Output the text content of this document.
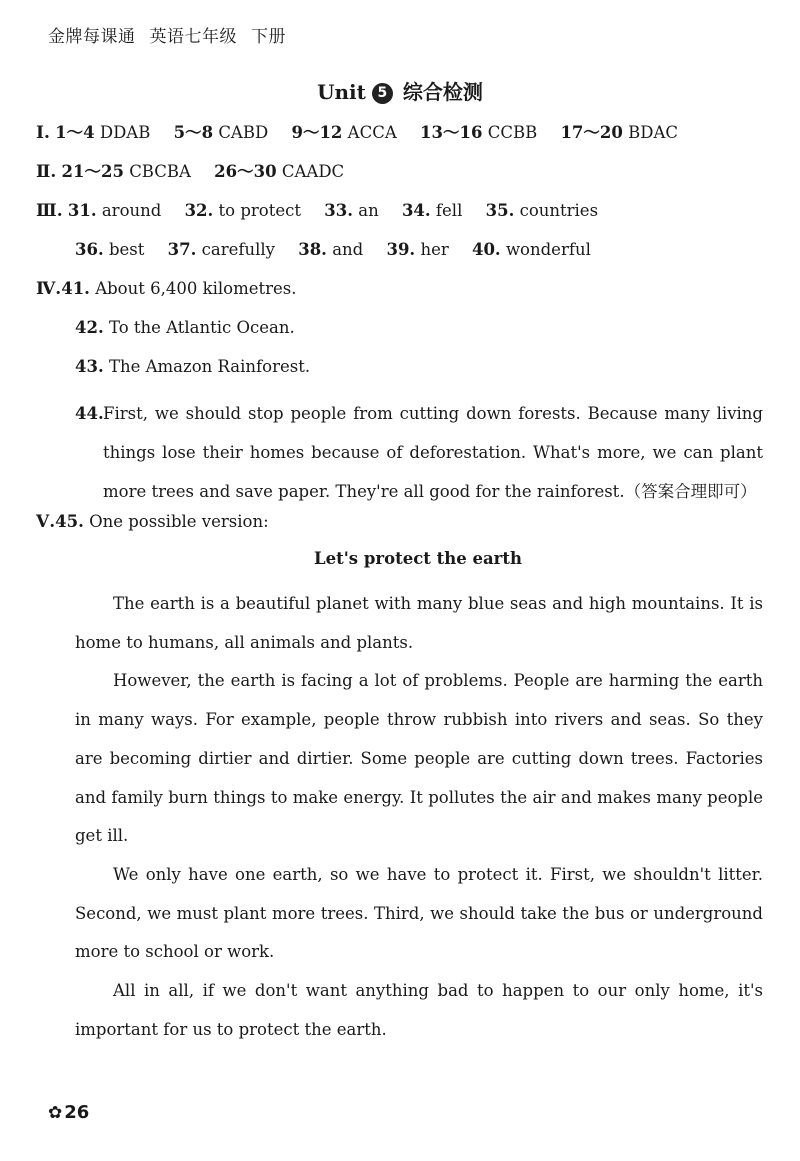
金牌每课通 英语七年级 下册
Unit 5 综合检测
Ⅰ. 1～4 DDAB 5～8 CABD 9～12 ACCA 13～16 CCBB 17～20 BDAC
Ⅱ. 21～25 CBCBA 26～30 CAADC
Ⅲ. 31. around 32. to protect 33. an 34. fell 35. countries
36. best 37. carefully 38. and 39. her 40. wonderful
Ⅳ.41. About 6,400 kilometres.
42. To the Atlantic Ocean.
43. The Amazon Rainforest.
44. First, we should stop people from cutting down forests. Because many living things lose their homes because of deforestation. What's more, we can plant more trees and save paper. They're all good for the rainforest.（答案合理即可）
Ⅴ.45. One possible version:
Let's protect the earth

The earth is a beautiful planet with many blue seas and high mountains. It is home to humans, all animals and plants.

However, the earth is facing a lot of problems. People are harming the earth in many ways. For example, people throw rubbish into rivers and seas. So they are becoming dirtier and dirtier. Some people are cutting down trees. Factories and family burn things to make energy. It pollutes the air and makes many people get ill.

We only have one earth, so we have to protect it. First, we shouldn't litter. Second, we must plant more trees. Third, we should take the bus or underground more to school or work.

All in all, if we don't want anything bad to happen to our only home, it's important for us to protect the earth.

✿ 26
